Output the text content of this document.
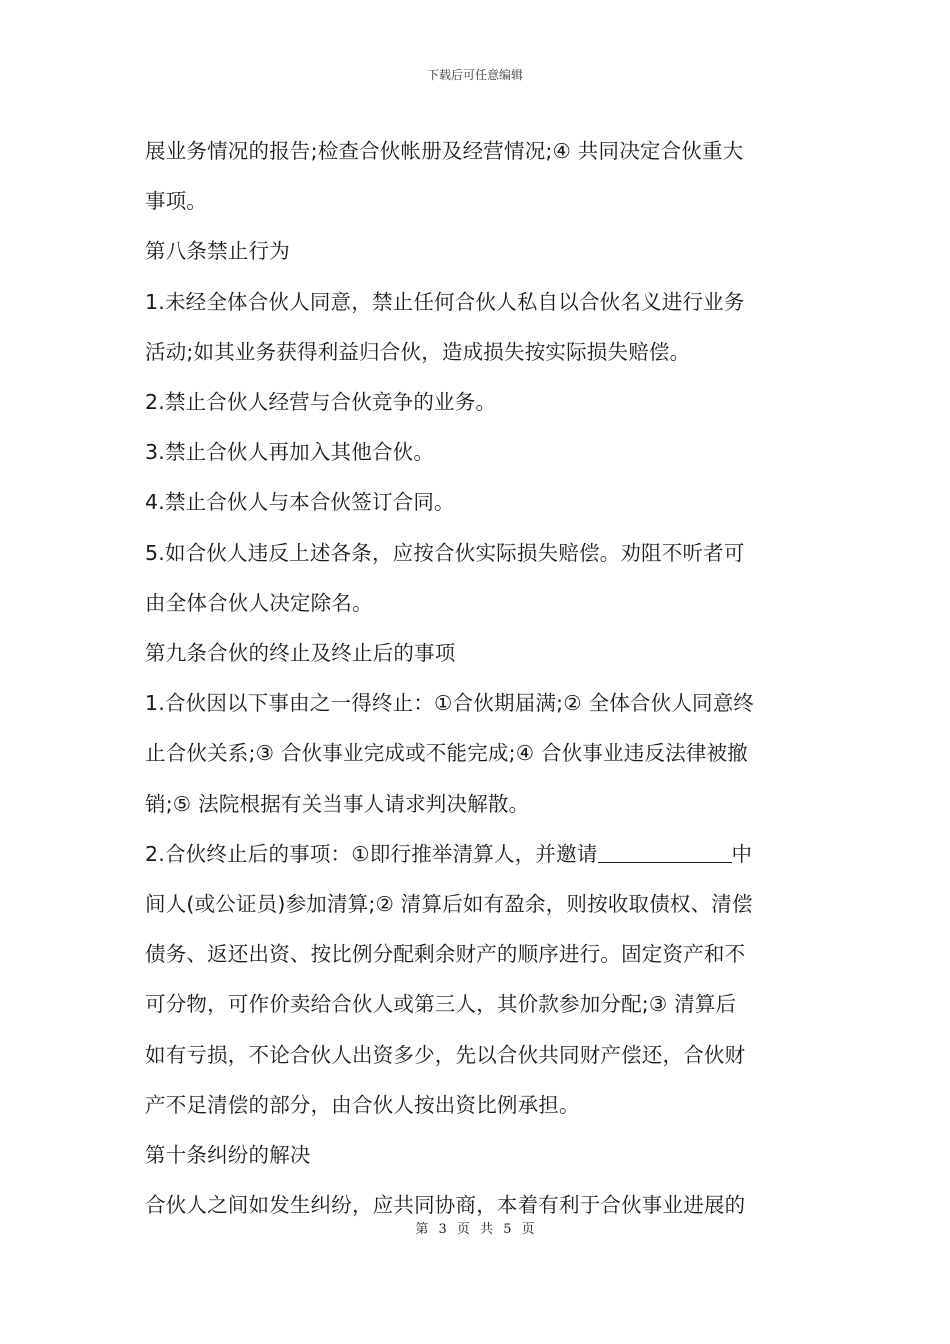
下载后可任意编辑

展业务情况的报告;检查合伙帐册及经营情况;④ 共同决定合伙重大
事项。

第八条禁止行为

1.未经全体合伙人同意，禁止任何合伙人私自以合伙名义进行业务
活动;如其业务获得利益归合伙，造成损失按实际损失赔偿。

2.禁止合伙人经营与合伙竞争的业务。

3.禁止合伙人再加入其他合伙。

4.禁止合伙人与本合伙签订合同。

5.如合伙人违反上述各条，应按合伙实际损失赔偿。劝阻不听者可
由全体合伙人决定除名。

第九条合伙的终止及终止后的事项

1.合伙因以下事由之一得终止：①合伙期届满;② 全体合伙人同意终
止合伙关系;③ 合伙事业完成或不能完成;④ 合伙事业违反法律被撤
销;⑤ 法院根据有关当事人请求判决解散。

2.合伙终止后的事项：①即行推举清算人，并邀请	中
间人(或公证员)参加清算;② 清算后如有盈余，则按收取债权、清偿
债务、返还出资、按比例分配剩余财产的顺序进行。固定资产和不
可分物，可作价卖给合伙人或第三人，其价款参加分配;③ 清算后
如有亏损，不论合伙人出资多少，先以合伙共同财产偿还，合伙财
产不足清偿的部分，由合伙人按出资比例承担。

第十条纠纷的解决

合伙人之间如发生纠纷，应共同协商，本着有利于合伙事业进展的

第 3 页 共 5 页
